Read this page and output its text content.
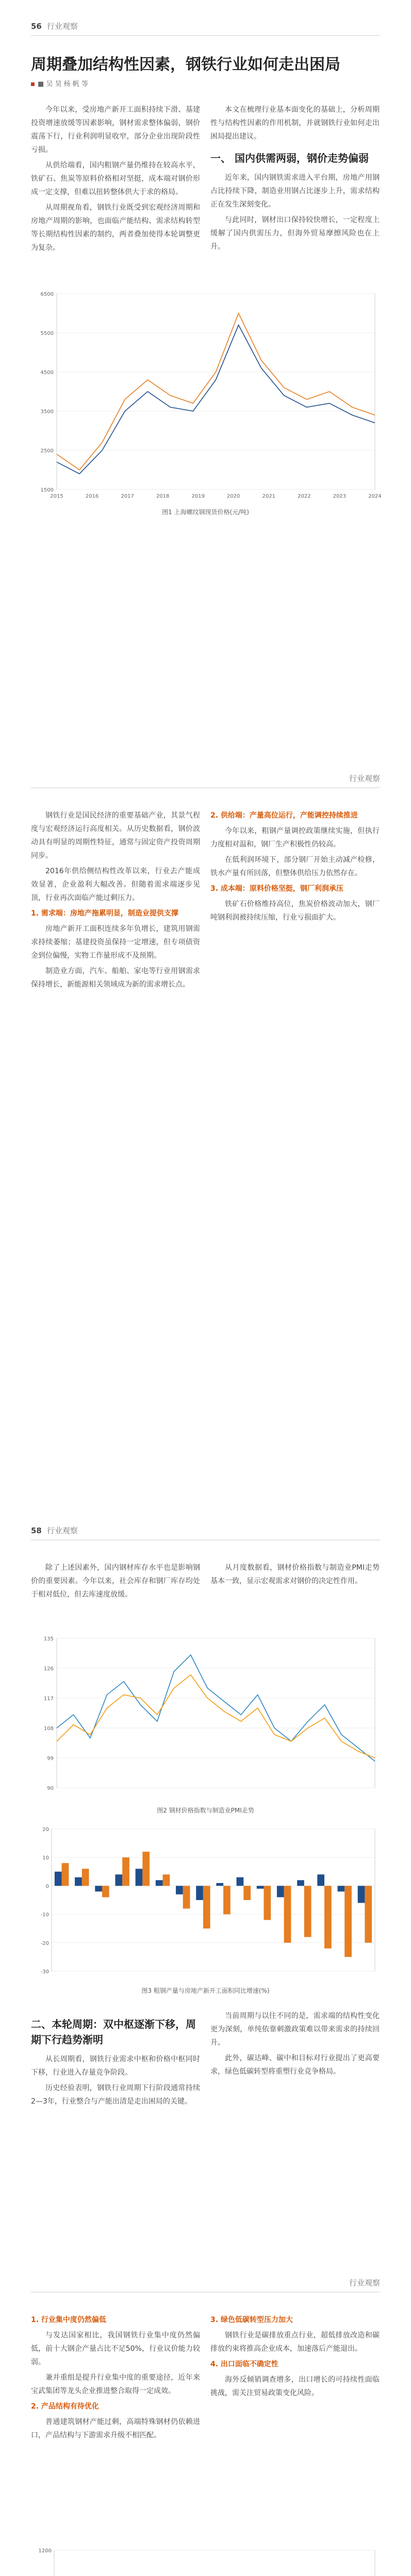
56 行业观察
周期叠加结构性因素，钢铁行业如何走出困局
■ 吴 昊 杨 帆 等

今年以来，受房地产新开工面积持续下滑、基建投资增速放缓等因素影响，钢材需求整体偏弱，钢价震荡下行，行业利润明显收窄，部分企业出现阶段性亏损。

从供给端看，国内粗钢产量仍维持在较高水平，铁矿石、焦炭等原料价格相对坚挺，成本端对钢价形成一定支撑，但难以扭转整体供大于求的格局。

从周期视角看，钢铁行业既受到宏观经济周期和房地产周期的影响，也面临产能结构、需求结构转型等长期结构性因素的制约，两者叠加使得本轮调整更为复杂。

本文在梳理行业基本面变化的基础上，分析周期性与结构性因素的作用机制，并就钢铁行业如何走出困局提出建议。

一、 国内供需两弱，钢价走势偏弱

近年来，国内钢铁需求进入平台期，房地产用钢占比持续下降，制造业用钢占比逐步上升，需求结构正在发生深刻变化。

与此同时，钢材出口保持较快增长，一定程度上缓解了国内供需压力，但海外贸易摩擦风险也在上升。

1500
2500
3500
4500
5500
6500
2015	2016	2017	2018	2019	2020	2021	2022	2023	2024
图1 上海螺纹钢现货价格(元/吨)
行业观察

钢铁行业是国民经济的重要基础产业，其景气程度与宏观经济运行高度相关。从历史数据看，钢价波动具有明显的周期性特征，通常与固定资产投资周期同步。

2016年供给侧结构性改革以来，行业去产能成效显著，企业盈利大幅改善。但随着需求端逐步见顶，行业再次面临产能过剩压力。

1. 需求端：房地产拖累明显，制造业提供支撑

房地产新开工面积连续多年负增长，建筑用钢需求持续萎缩；基建投资虽保持一定增速，但专项债资金到位偏慢，实物工作量形成不及预期。

制造业方面，汽车、船舶、家电等行业用钢需求保持增长，新能源相关领域成为新的需求增长点。

2. 供给端：产量高位运行，产能调控持续推进

今年以来，粗钢产量调控政策继续实施，但执行力度相对温和，钢厂生产积极性仍较高。

在低利润环境下，部分钢厂开始主动减产检修，铁水产量有所回落，但整体供给压力依然存在。

3. 成本端：原料价格坚挺，钢厂利润承压

铁矿石价格维持高位，焦炭价格波动加大，钢厂吨钢利润被持续压缩，行业亏损面扩大。

58 行业观察

除了上述因素外，国内钢材库存水平也是影响钢价的重要因素。今年以来，社会库存和钢厂库存均处于相对低位，但去库速度放缓。

从月度数据看，钢材价格指数与制造业PMI走势基本一致，显示宏观需求对钢价的决定性作用。

90
99
108
117
126
135
图2 钢材价格指数与制造业PMI走势
-30
-20
-10
0
10
20
图3 粗钢产量与房地产新开工面积同比增速(%)
二、本轮周期：双中枢逐渐下移，周期下行趋势渐明

从长周期看，钢铁行业需求中枢和价格中枢同时下移，行业进入存量竞争阶段。

历史经验表明，钢铁行业周期下行阶段通常持续2—3年，行业整合与产能出清是走出困局的关键。

当前周期与以往不同的是，需求端的结构性变化更为深刻，单纯依靠刺激政策难以带来需求的持续回升。

此外，碳达峰、碳中和目标对行业提出了更高要求，绿色低碳转型将重塑行业竞争格局。

行业观察

1. 行业集中度仍然偏低

与发达国家相比，我国钢铁行业集中度仍然偏低，前十大钢企产量占比不足50%，行业议价能力较弱。

兼并重组是提升行业集中度的重要途径，近年来宝武集团等龙头企业推进整合取得一定成效。

2. 产品结构有待优化

普通建筑钢材产能过剩，高端特殊钢材仍依赖进口，产品结构与下游需求升级不相匹配。

3. 绿色低碳转型压力加大

钢铁行业是碳排放重点行业，超低排放改造和碳排放约束将推高企业成本，加速落后产能退出。

4. 出口面临不确定性

海外反倾销调查增多，出口增长的可持续性面临挑战，需关注贸易政策变化风险。

1200
